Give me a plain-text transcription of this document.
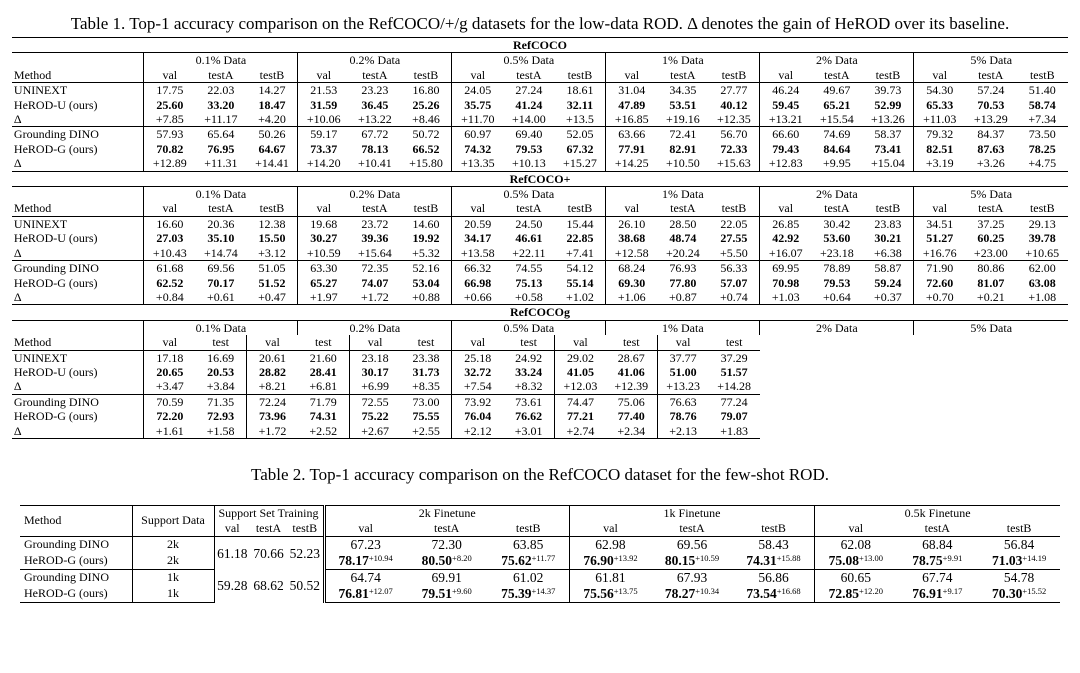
Table 1. Top-1 accuracy comparison on the RefCOCO/+/g datasets for the low-data ROD. Δ denotes the gain of HeROD over its baseline.
RefCOCO																		
	0.1% Data			0.2% Data			0.5% Data			1% Data			2% Data			5% Data		
Method	val	testA	testB	val	testA	testB	val	testA	testB	val	testA	testB	val	testA	testB	val	testA	testB
UNINEXT	17.75	22.03	14.27	21.53	23.23	16.80	24.05	27.24	18.61	31.04	34.35	27.77	46.24	49.67	39.73	54.30	57.24	51.40
HeROD-U (ours)	25.60	33.20	18.47	31.59	36.45	25.26	35.75	41.24	32.11	47.89	53.51	40.12	59.45	65.21	52.99	65.33	70.53	58.74
Δ	+7.85	+11.17	+4.20	+10.06	+13.22	+8.46	+11.70	+14.00	+13.5	+16.85	+19.16	+12.35	+13.21	+15.54	+13.26	+11.03	+13.29	+7.34
Grounding DINO	57.93	65.64	50.26	59.17	67.72	50.72	60.97	69.40	52.05	63.66	72.41	56.70	66.60	74.69	58.37	79.32	84.37	73.50
HeROD-G (ours)	70.82	76.95	64.67	73.37	78.13	66.52	74.32	79.53	67.32	77.91	82.91	72.33	79.43	84.64	73.41	82.51	87.63	78.25
Δ	+12.89	+11.31	+14.41	+14.20	+10.41	+15.80	+13.35	+10.13	+15.27	+14.25	+10.50	+15.63	+12.83	+9.95	+15.04	+3.19	+3.26	+4.75
RefCOCO+																		
	0.1% Data			0.2% Data			0.5% Data			1% Data			2% Data			5% Data		
Method	val	testA	testB	val	testA	testB	val	testA	testB	val	testA	testB	val	testA	testB	val	testA	testB
UNINEXT	16.60	20.36	12.38	19.68	23.72	14.60	20.59	24.50	15.44	26.10	28.50	22.05	26.85	30.42	23.83	34.51	37.25	29.13
HeROD-U (ours)	27.03	35.10	15.50	30.27	39.36	19.92	34.17	46.61	22.85	38.68	48.74	27.55	42.92	53.60	30.21	51.27	60.25	39.78
Δ	+10.43	+14.74	+3.12	+10.59	+15.64	+5.32	+13.58	+22.11	+7.41	+12.58	+20.24	+5.50	+16.07	+23.18	+6.38	+16.76	+23.00	+10.65
Grounding DINO	61.68	69.56	51.05	63.30	72.35	52.16	66.32	74.55	54.12	68.24	76.93	56.33	69.95	78.89	58.87	71.90	80.86	62.00
HeROD-G (ours)	62.52	70.17	51.52	65.27	74.07	53.04	66.98	75.13	55.14	69.30	77.80	57.07	70.98	79.53	59.24	72.60	81.07	63.08
Δ	+0.84	+0.61	+0.47	+1.97	+1.72	+0.88	+0.66	+0.58	+1.02	+1.06	+0.87	+0.74	+1.03	+0.64	+0.37	+0.70	+0.21	+1.08
RefCOCOg																		
	0.1% Data			0.2% Data			0.5% Data			1% Data			2% Data			5% Data		
Method	val	test	val	test	val	test	val	test	val	test	val	test						
UNINEXT	17.18	16.69	20.61	21.60	23.18	23.38	25.18	24.92	29.02	28.67	37.77	37.29						
HeROD-U (ours)	20.65	20.53	28.82	28.41	30.17	31.73	32.72	33.24	41.05	41.06	51.00	51.57						
Δ	+3.47	+3.84	+8.21	+6.81	+6.99	+8.35	+7.54	+8.32	+12.03	+12.39	+13.23	+14.28						
Grounding DINO	70.59	71.35	72.24	71.79	72.55	73.00	73.92	73.61	74.47	75.06	76.63	77.24						
HeROD-G (ours)	72.20	72.93	73.96	74.31	75.22	75.55	76.04	76.62	77.21	77.40	78.76	79.07						
Δ	+1.61	+1.58	+1.72	+2.52	+2.67	+2.55	+2.12	+3.01	+2.74	+2.34	+2.13	+1.83						
Table 2. Top-1 accuracy comparison on the RefCOCO dataset for the few-shot ROD.
Method	Support Data	Support Set Training			2k Finetune			1k Finetune			0.5k Finetune		
		val	testA	testB	val	testA	testB	val	testA	testB	val	testA	testB
Grounding DINO	2k	61.18	70.66	52.23	67.23	72.30	63.85	62.98	69.56	58.43	62.08	68.84	56.84
HeROD-G (ours)	2k				$78.17^{+10.94}$	$80.50^{+8.20}$	$75.62^{+11.77}$	$76.90^{+13.92}$	$80.15^{+10.59}$	$74.31^{+15.88}$	$75.08^{+13.00}$	$78.75^{+9.91}$	$71.03^{+14.19}$
Grounding DINO	1k	59.28	68.62	50.52	64.74	69.91	61.02	61.81	67.93	56.86	60.65	67.74	54.78
HeROD-G (ours)	1k				$76.81^{+12.07}$	$79.51^{+9.60}$	$75.39^{+14.37}$	$75.56^{+13.75}$	$78.27^{+10.34}$	$73.54^{+16.68}$	$72.85^{+12.20}$	$76.91^{+9.17}$	$70.30^{+15.52}$
